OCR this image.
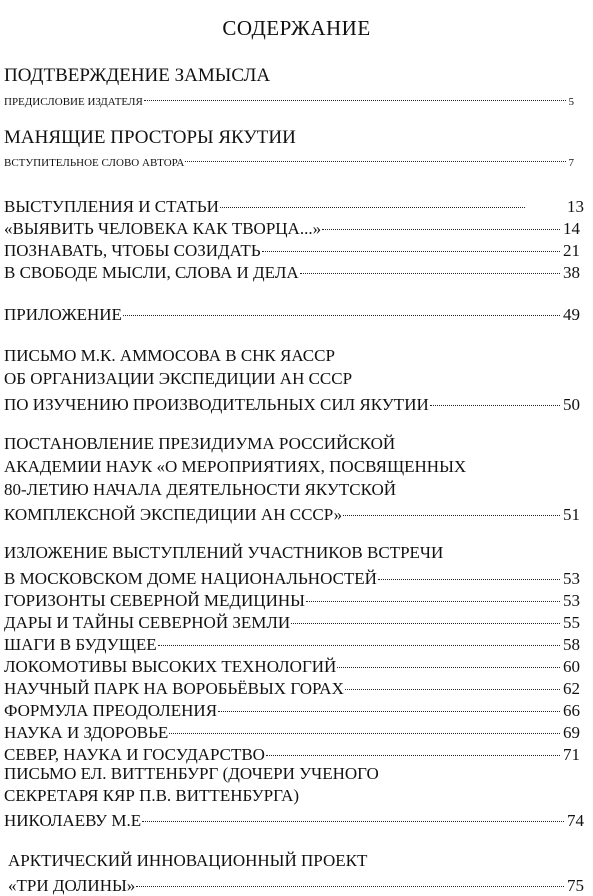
СОДЕРЖАНИЕ
ПОДТВЕРЖДЕНИЕ ЗАМЫСЛА
ПРЕДИСЛОВИЕ ИЗДАТЕЛЯ	5
МАНЯЩИЕ ПРОСТОРЫ ЯКУТИИ
ВСТУПИТЕЛЬНОЕ СЛОВО АВТОРА	7
ВЫСТУПЛЕНИЯ И СТАТЬИ	13
«ВЫЯВИТЬ ЧЕЛОВЕКА КАК ТВОРЦА...»	14
ПОЗНАВАТЬ, ЧТОБЫ СОЗИДАТЬ	21
В СВОБОДЕ МЫСЛИ, СЛОВА И ДЕЛА	38
ПРИЛОЖЕНИЕ	49
ПИСЬМО М.К. АММОСОВА В СНК ЯАССР
ОБ ОРГАНИЗАЦИИ ЭКСПЕДИЦИИ АН СССР
ПО ИЗУЧЕНИЮ ПРОИЗВОДИТЕЛЬНЫХ СИЛ ЯКУТИИ	50
ПОСТАНОВЛЕНИЕ ПРЕЗИДИУМА РОССИЙСКОЙ
АКАДЕМИИ НАУК «О МЕРОПРИЯТИЯХ, ПОСВЯЩЕННЫХ
80-ЛЕТИЮ НАЧАЛА ДЕЯТЕЛЬНОСТИ ЯКУТСКОЙ
КОМПЛЕКСНОЙ ЭКСПЕДИЦИИ АН СССР»	51
ИЗЛОЖЕНИЕ ВЫСТУПЛЕНИЙ УЧАСТНИКОВ ВСТРЕЧИ
В МОСКОВСКОМ ДОМЕ НАЦИОНАЛЬНОСТЕЙ	53
ГОРИЗОНТЫ СЕВЕРНОЙ МЕДИЦИНЫ	53
ДАРЫ И ТАЙНЫ СЕВЕРНОЙ ЗЕМЛИ	55
ШАГИ В БУДУЩЕЕ	58
ЛОКОМОТИВЫ ВЫСОКИХ ТЕХНОЛОГИЙ	60
НАУЧНЫЙ ПАРК НА ВОРОБЬЁВЫХ ГОРАХ	62
ФОРМУЛА ПРЕОДОЛЕНИЯ	66
НАУКА И ЗДОРОВЬЕ	69
СЕВЕР, НАУКА И ГОСУДАРСТВО	71
ПИСЬМО ЕЛ. ВИТТЕНБУРГ (ДОЧЕРИ УЧЕНОГО
СЕКРЕТАРЯ КЯР П.В. ВИТТЕНБУРГА)
НИКОЛАЕВУ М.Е	74
АРКТИЧЕСКИЙ ИННОВАЦИОННЫЙ ПРОЕКТ
«ТРИ ДОЛИНЫ»	75
